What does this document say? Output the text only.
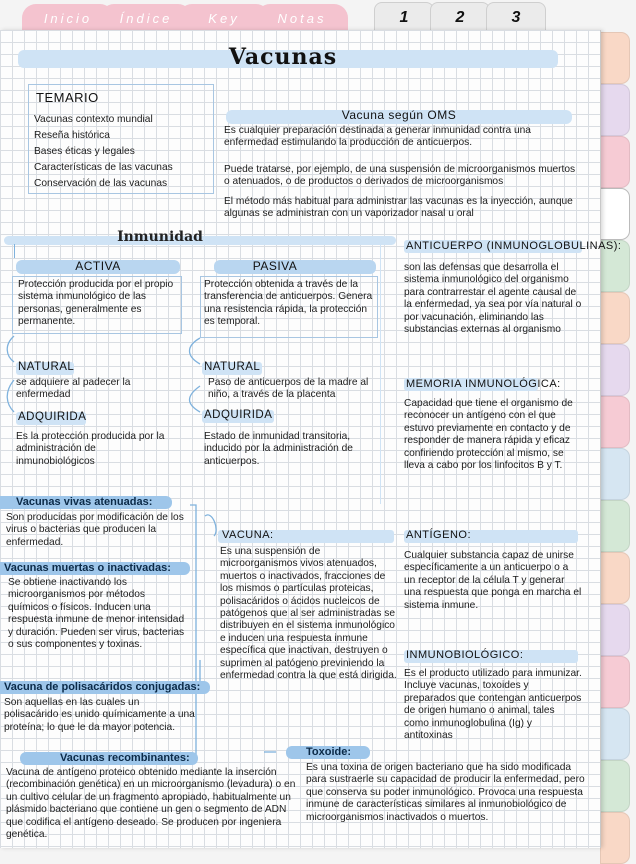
Inicio	Índice	Key	Notas	1	2	3
Vacunas
TEMARIO
Vacunas contexto mundial
Reseña histórica
Bases éticas y legales
Características de las vacunas
Conservación de las vacunas
Vacuna según OMS
Es cualquier preparación destinada a generar inmunidad contra una enfermedad estimulando la producción de anticuerpos.
Puede tratarse, por ejemplo, de una suspensión de microorganismos muertos o atenuados, o de productos o derivados de microorganismos
El método más habitual para administrar las vacunas es la inyección, aunque algunas se administran con un vaporizador nasal u oral
Inmunidad
ACTIVA
Protección producida por el propio sistema inmunológico de las personas, generalmente es permanente.
NATURAL
se adquiere al padecer la enfermedad
ADQUIRIDA
Es la protección producida por la administración de inmunobiológicos
PASIVA
Protección obtenida a través de la transferencia de anticuerpos. Genera una resistencia rápida, la protección es temporal.
NATURAL
Paso de anticuerpos de la madre al niño, a través de la placenta
ADQUIRIDA
Estado de inmunidad transitoria, inducido por la administración de anticuerpos.
ANTICUERPO (INMUNOGLOBULINAS):
son las defensas que desarrolla el sistema inmunológico del organismo para contrarrestar el agente causal de la enfermedad, ya sea por vía natural o por vacunación, eliminando las substancias externas al organismo
MEMORIA INMUNOLÓGICA:
Capacidad que tiene el organismo de reconocer un antígeno con el que estuvo previamente en contacto y de responder de manera rápida y eficaz confiriendo protección al mismo, se lleva a cabo por los linfocitos B y T.
ANTÍGENO:
Cualquier substancia capaz de unirse específicamente a un anticuerpo o a un receptor de la célula T y generar una respuesta que ponga en marcha el sistema inmune.
INMUNOBIOLÓGICO:
Es el producto utilizado para inmunizar. Incluye vacunas, toxoides y preparados que contengan anticuerpos de origen humano o animal, tales como inmunoglobulina (Ig) y antitoxinas
VACUNA:
Es una suspensión de microorganismos vivos atenuados, muertos o inactivados, fracciones de los mismos o partículas proteicas, polisacáridos o ácidos nucleicos de patógenos que al ser administradas se distribuyen en el sistema inmunológico e inducen una respuesta inmune específica que inactivan, destruyen o suprimen al patógeno previniendo la enfermedad contra la que está dirigida.
Vacunas vivas atenuadas:
Son producidas por modificación de los virus o bacterias que producen la enfermedad.
Vacunas muertas o inactivadas:
Se obtiene inactivando los microorganismos por métodos químicos o físicos. Inducen una respuesta inmune de menor intensidad y duración. Pueden ser virus, bacterias o sus componentes y toxinas.
Vacuna de polisacáridos conjugadas:
Son aquellas en las cuales un polisacárido es unido químicamente a una proteína; lo que le da mayor potencia.
Vacunas recombinantes:
Vacuna de antígeno proteico obtenido mediante la inserción (recombinación genética) en un microorganismo (levadura) o en un cultivo celular de un fragmento apropiado, habitualmente un plásmido bacteriano que contiene un gen o segmento de ADN que codifica el antígeno deseado. Se producen por ingeniera genética.
Toxoide:
Es una toxina de origen bacteriano que ha sido modificada para sustraerle su capacidad de producir la enfermedad, pero que conserva su poder inmunológico. Provoca una respuesta inmune de características similares al inmunobiológico de microorganismos inactivados o muertos.
